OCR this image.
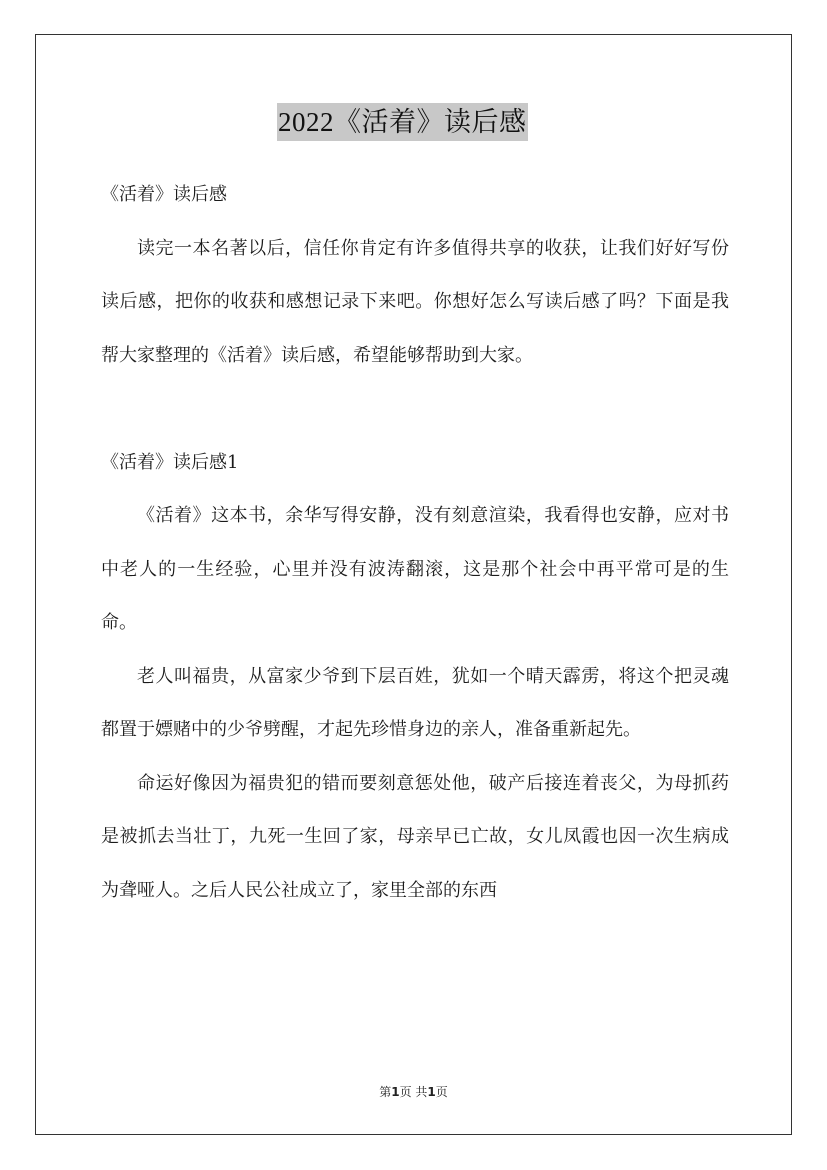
2022《活着》读后感

《活着》读后感

读完一本名著以后，信任你肯定有许多值得共享的收获，让我们好好写份读后感，把你的收获和感想记录下来吧。你想好怎么写读后感了吗？下面是我帮大家整理的《活着》读后感，希望能够帮助到大家。

《活着》读后感1

《活着》这本书，余华写得安静，没有刻意渲染，我看得也安静，应对书中老人的一生经验，心里并没有波涛翻滚，这是那个社会中再平常可是的生命。

老人叫福贵，从富家少爷到下层百姓，犹如一个晴天霹雳，将这个把灵魂都置于嫖赌中的少爷劈醒，才起先珍惜身边的亲人，准备重新起先。

命运好像因为福贵犯的错而要刻意惩处他，破产后接连着丧父，为母抓药是被抓去当壮丁，九死一生回了家，母亲早已亡故，女儿凤霞也因一次生病成为聋哑人。之后人民公社成立了，家里全部的东西

第1页 共1页
